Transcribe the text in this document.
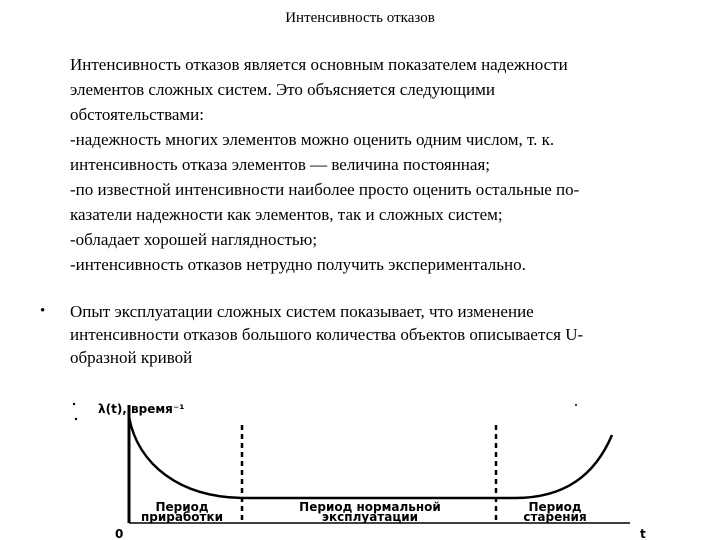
Интенсивность отказов

Интенсивность отказов является основным показателем надежности

элементов сложных систем. Это объясняется следующими

обстоятельствами:

-надежность многих элементов можно оценить одним числом, т. к.

интенсивность отказа элементов — величина постоянная;

-по известной интенсивности наиболее просто оценить остальные по-

казатели надежности как элементов, так и сложных систем;

-обладает хорошей наглядностью;

-интенсивность отказов нетрудно получить экспериментально.

• Опыт эксплуатации сложных систем показывает, что изменение
интенсивности отказов большого количества объектов описывается U-
образной кривой
λ(t), время⁻¹
0	t
Период
приработки
Период нормальной
эксплуатации
Период
старения
